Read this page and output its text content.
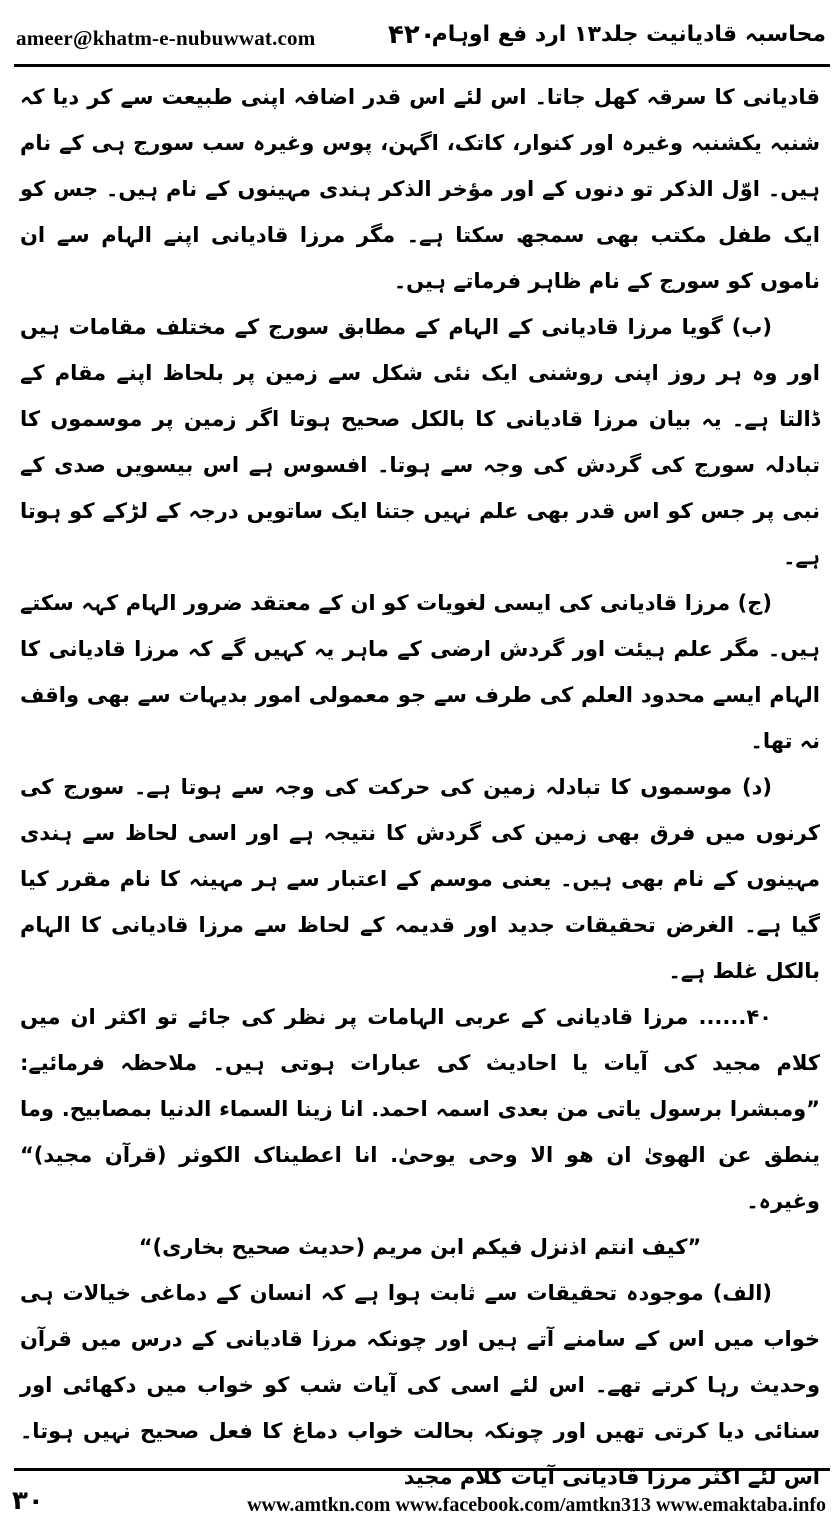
ameer@khatm-e-nubuwwat.com	۴۲۰
محاسبہ قادیانیت جلد۱۳ ارد فع اوہام

قادیانی کا سرقہ کھل جاتا۔ اس لئے اس قدر اضافہ اپنی طبیعت سے کر دیا کہ شنبہ یکشنبہ وغیرہ اور کنوار، کاتک، اگہن، پوس وغیرہ سب سورج ہی کے نام ہیں۔ اوّل الذکر تو دنوں کے اور مؤخر الذکر ہندی مہینوں کے نام ہیں۔ جس کو ایک طفل مکتب بھی سمجھ سکتا ہے۔ مگر مرزا قادیانی اپنے الہام سے ان ناموں کو سورج کے نام ظاہر فرماتے ہیں۔

(ب) گویا مرزا قادیانی کے الہام کے مطابق سورج کے مختلف مقامات ہیں اور وہ ہر روز اپنی روشنی ایک نئی شکل سے زمین پر بلحاظ اپنے مقام کے ڈالتا ہے۔ یہ بیان مرزا قادیانی کا بالکل صحیح ہوتا اگر زمین پر موسموں کا تبادلہ سورج کی گردش کی وجہ سے ہوتا۔ افسوس ہے اس بیسویں صدی کے نبی پر جس کو اس قدر بھی علم نہیں جتنا ایک ساتویں درجہ کے لڑکے کو ہوتا ہے۔

(ج) مرزا قادیانی کی ایسی لغویات کو ان کے معتقد ضرور الہام کہہ سکتے ہیں۔ مگر علم ہیئت اور گردش ارضی کے ماہر یہ کہیں گے کہ مرزا قادیانی کا الہام ایسے محدود العلم کی طرف سے جو معمولی امور بدیہات سے بھی واقف نہ تھا۔

(د) موسموں کا تبادلہ زمین کی حرکت کی وجہ سے ہوتا ہے۔ سورج کی کرنوں میں فرق بھی زمین کی گردش کا نتیجہ ہے اور اسی لحاظ سے ہندی مہینوں کے نام بھی ہیں۔ یعنی موسم کے اعتبار سے ہر مہینہ کا نام مقرر کیا گیا ہے۔ الغرض تحقیقات جدید اور قدیمہ کے لحاظ سے مرزا قادیانی کا الہام بالکل غلط ہے۔

۴۰...... مرزا قادیانی کے عربی الہامات پر نظر کی جائے تو اکثر ان میں کلام مجید کی آیات یا احادیث کی عبارات ہوتی ہیں۔ ملاحظہ فرمائیے: ”ومبشرا برسول یاتی من بعدی اسمہ احمد. انا زینا السماء الدنیا بمصابیح. وما ینطق عن الھویٰ ان ھو الا وحی یوحیٰ. انا اعطیناک الکوثر (قرآن مجید)“ وغیرہ۔

”کیف انتم اذنزل فیکم ابن مریم (حدیث صحیح بخاری)“

(الف) موجودہ تحقیقات سے ثابت ہوا ہے کہ انسان کے دماغی خیالات ہی خواب میں اس کے سامنے آتے ہیں اور چونکہ مرزا قادیانی کے درس میں قرآن وحدیث رہا کرتے تھے۔ اس لئے اسی کی آیات شب کو خواب میں دکھائی اور سنائی دیا کرتی تھیں اور چونکہ بحالت خواب دماغ کا فعل صحیح نہیں ہوتا۔ اس لئے اکثر مرزا قادیانی آیات کلام مجید

۳۰	www.amtkn.com www.facebook.com/amtkn313 www.emaktaba.info
